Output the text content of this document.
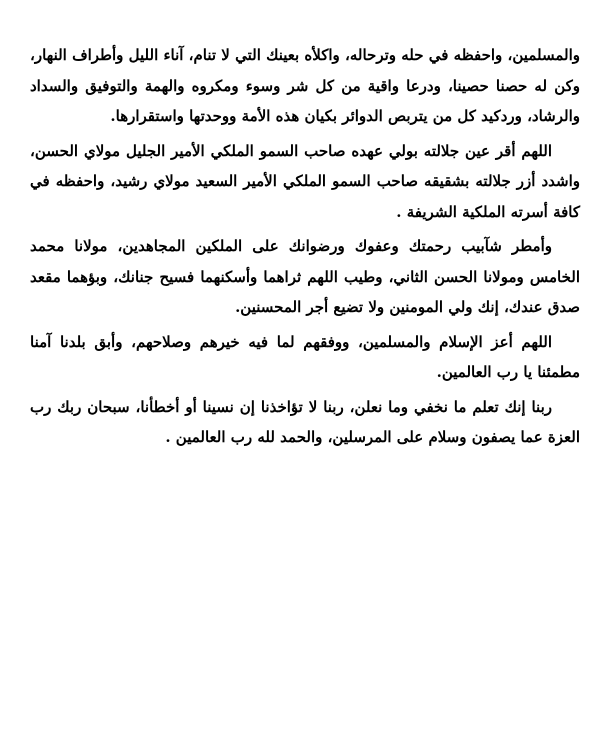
والمسلمين، واحفظه في حله وترحاله، واكلأه بعينك التي لا تنام، آناء الليل وأطراف النهار، وكن له حصنا حصينا، ودرعا واقية من كل شر وسوء ومكروه والهمة والتوفيق والسداد والرشاد، وردكيد كل من يتربص الدوائر بكيان هذه الأمة ووحدتها واستقرارها.

اللهم أقر عين جلالته بولي عهده صاحب السمو الملكي الأمير الجليل مولاي الحسن، واشدد أزر جلالته بشقيقه صاحب السمو الملكي الأمير السعيد مولاي رشيد، واحفظه في كافة أسرته الملكية الشريفة .

وأمطر شآبيب رحمتك وعفوك ورضوانك على الملكين المجاهدين، مولانا محمد الخامس ومولانا الحسن الثاني، وطيب اللهم ثراهما وأسكنهما فسيح جنانك، وبؤهما مقعد صدق عندك، إنك ولي المومنين ولا تضيع أجر المحسنين.

اللهم أعز الإسلام والمسلمين، ووفقهم لما فيه خيرهم وصلاحهم، وأبق بلدنا آمنا مطمئنا يا رب العالمين.

ربنا إنك تعلم ما نخفي وما نعلن، ربنا لا تؤاخذنا إن نسينا أو أخطأنا، سبحان ربك رب العزة عما يصفون وسلام على المرسلين، والحمد لله رب العالمين .
